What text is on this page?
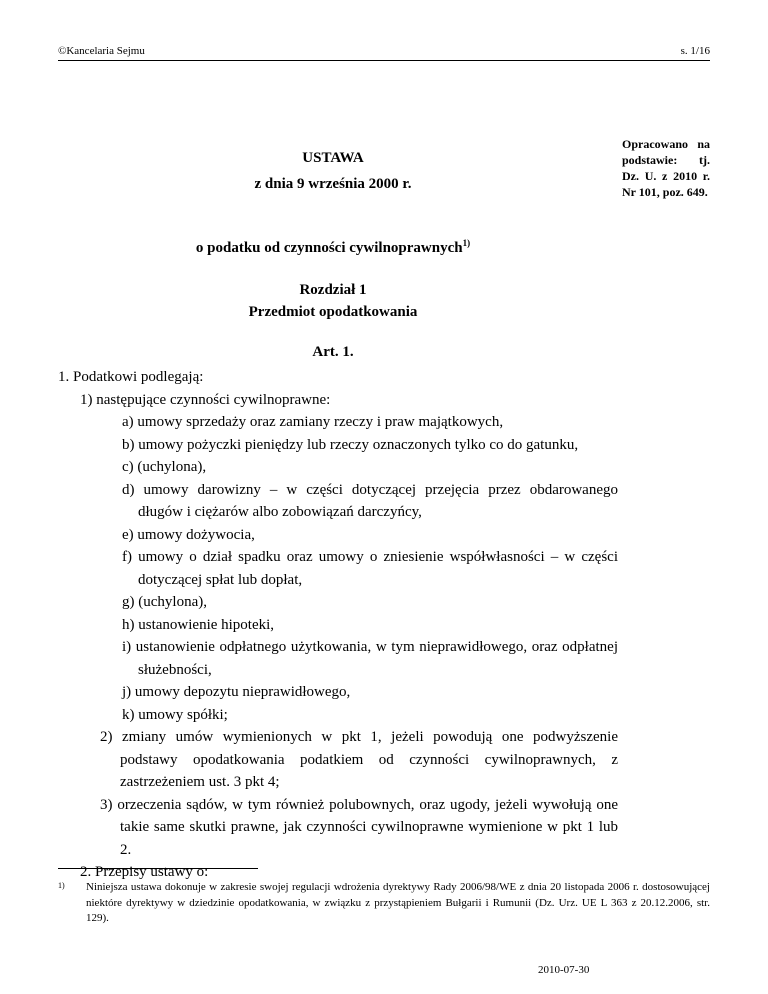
©Kancelaria Sejmu	s. 1/16
Opracowano na podstawie: tj. Dz. U. z 2010 r. Nr 101, poz. 649.
USTAWA
z dnia 9 września 2000 r.
o podatku od czynności cywilnoprawnych$^{1)}$
Rozdział 1
Przedmiot opodatkowania
Art. 1.

1. Podatkowi podlegają:

1) następujące czynności cywilnoprawne:

a) umowy sprzedaży oraz zamiany rzeczy i praw majątkowych,

b) umowy pożyczki pieniędzy lub rzeczy oznaczonych tylko co do gatunku,

c) (uchylona),

d) umowy darowizny – w części dotyczącej przejęcia przez obdarowanego długów i ciężarów albo zobowiązań darczyńcy,

e) umowy dożywocia,

f) umowy o dział spadku oraz umowy o zniesienie współwłasności – w części dotyczącej spłat lub dopłat,

g) (uchylona),

h) ustanowienie hipoteki,

i) ustanowienie odpłatnego użytkowania, w tym nieprawidłowego, oraz odpłatnej służebności,

j) umowy depozytu nieprawidłowego,

k) umowy spółki;

2) zmiany umów wymienionych w pkt 1, jeżeli powodują one podwyższenie podstawy opodatkowania podatkiem od czynności cywilnoprawnych, z zastrzeżeniem ust. 3 pkt 4;

3) orzeczenia sądów, w tym również polubownych, oraz ugody, jeżeli wywołują one takie same skutki prawne, jak czynności cywilnoprawne wymienione w pkt 1 lub 2.

2. Przepisy ustawy o:

1) Niniejsza ustawa dokonuje w zakresie swojej regulacji wdrożenia dyrektywy Rady 2006/98/WE z dnia 20 listopada 2006 r. dostosowującej niektóre dyrektywy w dziedzinie opodatkowania, w związku z przystąpieniem Bułgarii i Rumunii (Dz. Urz. UE L 363 z 20.12.2006, str. 129).
2010-07-30
